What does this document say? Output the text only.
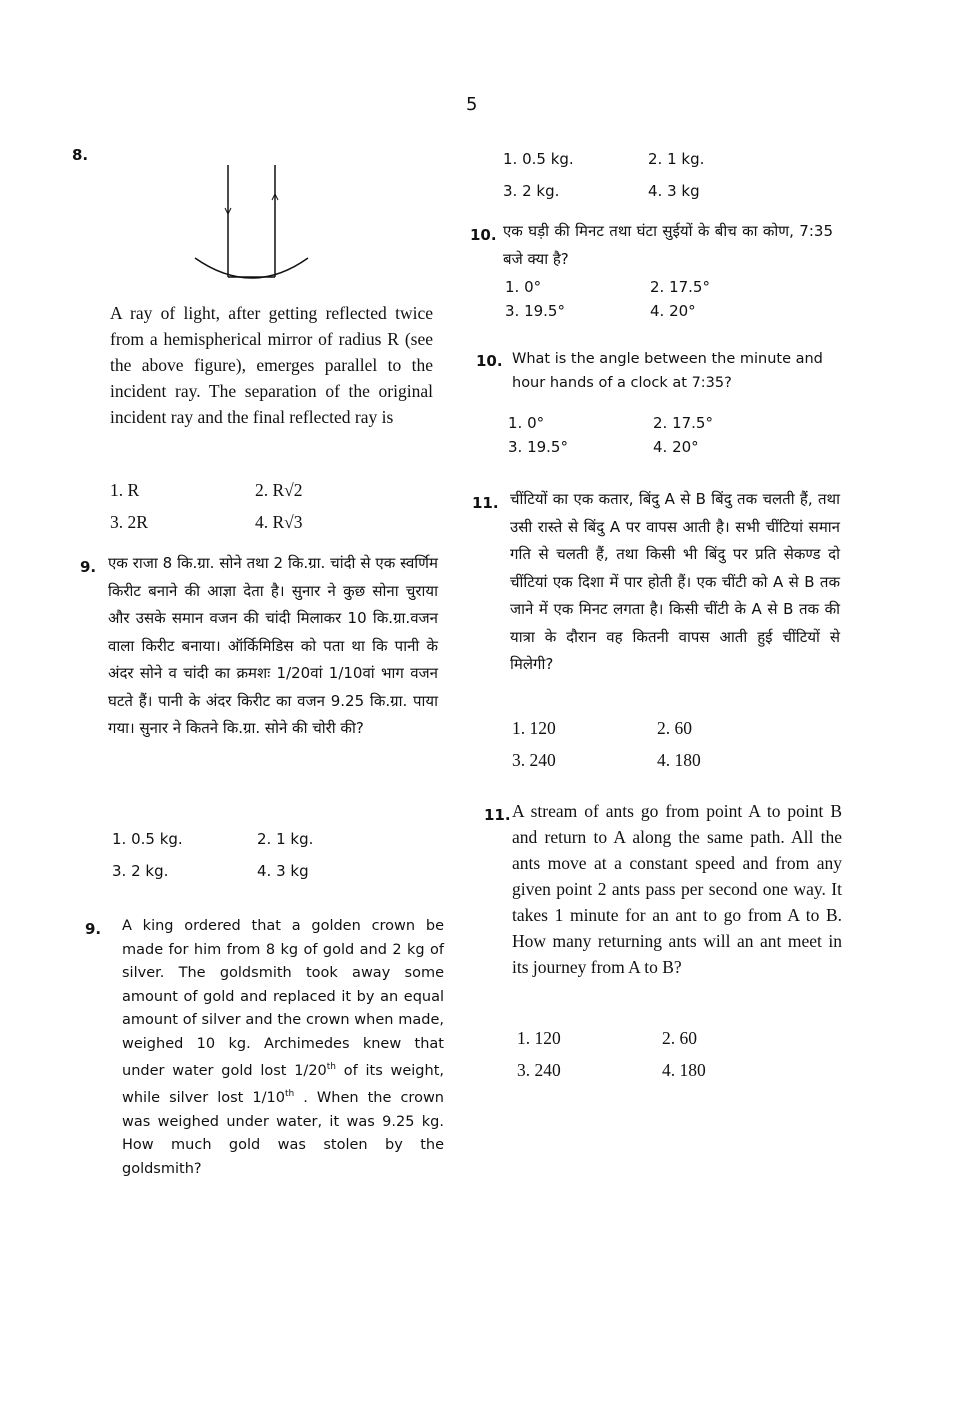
5
8.
A ray of light, after getting reflected twice from a hemispherical mirror of radius R (see the above figure), emerges parallel to the incident ray. The separation of the original incident ray and the final reflected ray is
1. R	2. R√2
3. 2R	4. R√3
9. एक राजा 8 कि.ग्रा. सोने तथा 2 कि.ग्रा. चांदी से एक स्वर्णिम किरीट बनाने की आज्ञा देता है। सुनार ने कुछ सोना चुराया और उसके समान वजन की चांदी मिलाकर 10 कि.ग्रा.वजन वाला किरीट बनाया। ऑर्किमिडिस को पता था कि पानी के अंदर सोने व चांदी का क्रमशः 1/20वां 1/10वां भाग वजन घटते हैं। पानी के अंदर किरीट का वजन 9.25 कि.ग्रा. पाया गया। सुनार ने कितने कि.ग्रा. सोने की चोरी की?
1. 0.5 kg.	2. 1 kg.
3. 2 kg.	4. 3 kg
9. A king ordered that a golden crown be made for him from 8 kg of gold and 2 kg of silver. The goldsmith took away some amount of gold and replaced it by an equal amount of silver and the crown when made, weighed 10 kg. Archimedes knew that under water gold lost 1/20th of its weight, while silver lost 1/10th . When the crown was weighed under water, it was 9.25 kg. How much gold was stolen by the goldsmith?
1. 0.5 kg.	2. 1 kg.
3. 2 kg.	4. 3 kg
10. एक घड़ी की मिनट तथा घंटा सुईयों के बीच का कोण, 7:35 बजे क्या है?
1. 0°	2. 17.5°
3. 19.5°	4. 20°
10. What is the angle between the minute and hour hands of a clock at 7:35?
1. 0°	2. 17.5°
3. 19.5°	4. 20°
11. चींटियों का एक कतार, बिंदु A से B बिंदु तक चलती हैं, तथा उसी रास्ते से बिंदु A पर वापस आती है। सभी चींटियां समान गति से चलती हैं, तथा किसी भी बिंदु पर प्रति सेकण्ड दो चींटियां एक दिशा में पार होती हैं। एक चींटी को A से B तक जाने में एक मिनट लगता है। किसी चींटी के A से B तक की यात्रा के दौरान वह कितनी वापस आती हुई चींटियों से मिलेगी?
1. 120	2. 60
3. 240	4. 180
11. A stream of ants go from point A to point B and return to A along the same path. All the ants move at a constant speed and from any given point 2 ants pass per second one way. It takes 1 minute for an ant to go from A to B. How many returning ants will an ant meet in its journey from A to B?
1. 120	2. 60
3. 240	4. 180
